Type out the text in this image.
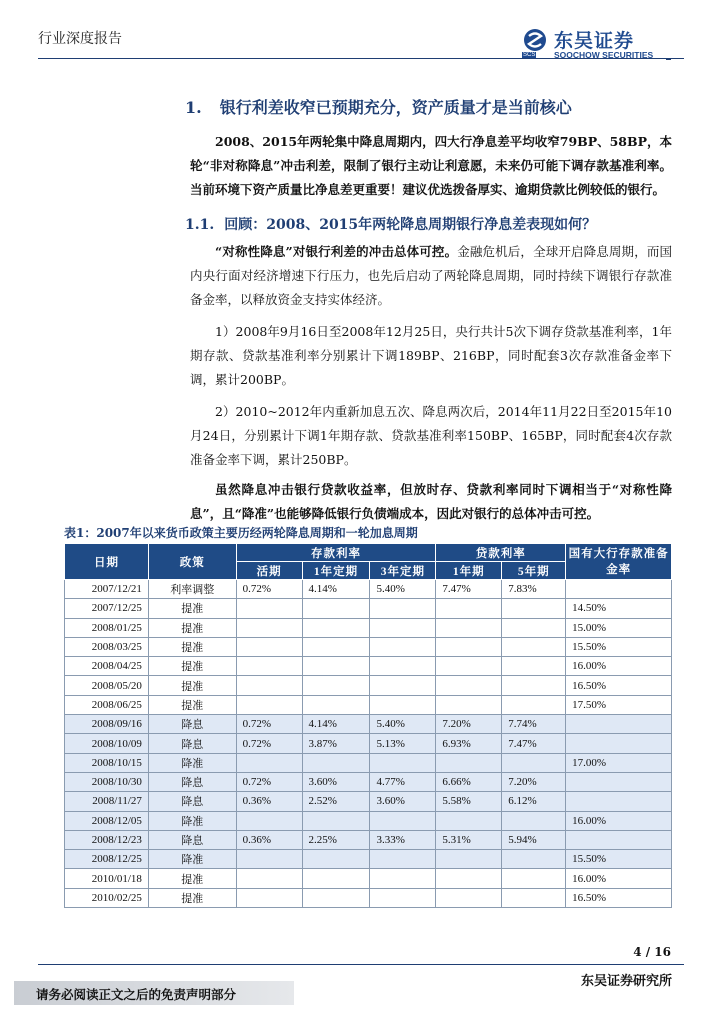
行业深度报告	东吴证券
SCS SOOCHOW SECURITIES
1. 银行利差收窄已预期充分，资产质量才是当前核心
2008、2015年两轮集中降息周期内，四大行净息差平均收窄79BP、58BP，本轮“非对称降息”冲击利差，限制了银行主动让利意愿，未来仍可能下调存款基准利率。当前环境下资产质量比净息差更重要！建议优选拨备厚实、逾期贷款比例较低的银行。
1.1. 回顾：2008、2015年两轮降息周期银行净息差表现如何？
“对称性降息”对银行利差的冲击总体可控。金融危机后，全球开启降息周期，而国内央行面对经济增速下行压力，也先后启动了两轮降息周期，同时持续下调银行存款准备金率，以释放资金支持实体经济。
1）2008年9月16日至2008年12月25日，央行共计5次下调存贷款基准利率，1年期存款、贷款基准利率分别累计下调189BP、216BP，同时配套3次存款准备金率下调，累计200BP。
2）2010~2012年内重新加息五次、降息两次后，2014年11月22日至2015年10月24日，分别累计下调1年期存款、贷款基准利率150BP、165BP，同时配套4次存款准备金率下调，累计250BP。
虽然降息冲击银行贷款收益率，但放时存、贷款利率同时下调相当于“对称性降息”，且“降准”也能够降低银行负债端成本，因此对银行的总体冲击可控。
表1：2007年以来货币政策主要历经两轮降息周期和一轮加息周期
日期	政策	存款利率			贷款利率		国有大行存款准备金率
		活期	1年定期	3年定期	1年期	5年期	
2007/12/21	利率调整	0.72%	4.14%	5.40%	7.47%	7.83%	
2007/12/25	提准						14.50%
2008/01/25	提准						15.00%
2008/03/25	提准						15.50%
2008/04/25	提准						16.00%
2008/05/20	提准						16.50%
2008/06/25	提准						17.50%
2008/09/16	降息	0.72%	4.14%	5.40%	7.20%	7.74%	
2008/10/09	降息	0.72%	3.87%	5.13%	6.93%	7.47%	
2008/10/15	降准						17.00%
2008/10/30	降息	0.72%	3.60%	4.77%	6.66%	7.20%	
2008/11/27	降息	0.36%	2.52%	3.60%	5.58%	6.12%	
2008/12/05	降准						16.00%
2008/12/23	降息	0.36%	2.25%	3.33%	5.31%	5.94%	
2008/12/25	降准						15.50%
2010/01/18	提准						16.00%
2010/02/25	提准						16.50%
4 / 16
东吴证券研究所
请务必阅读正文之后的免责声明部分
